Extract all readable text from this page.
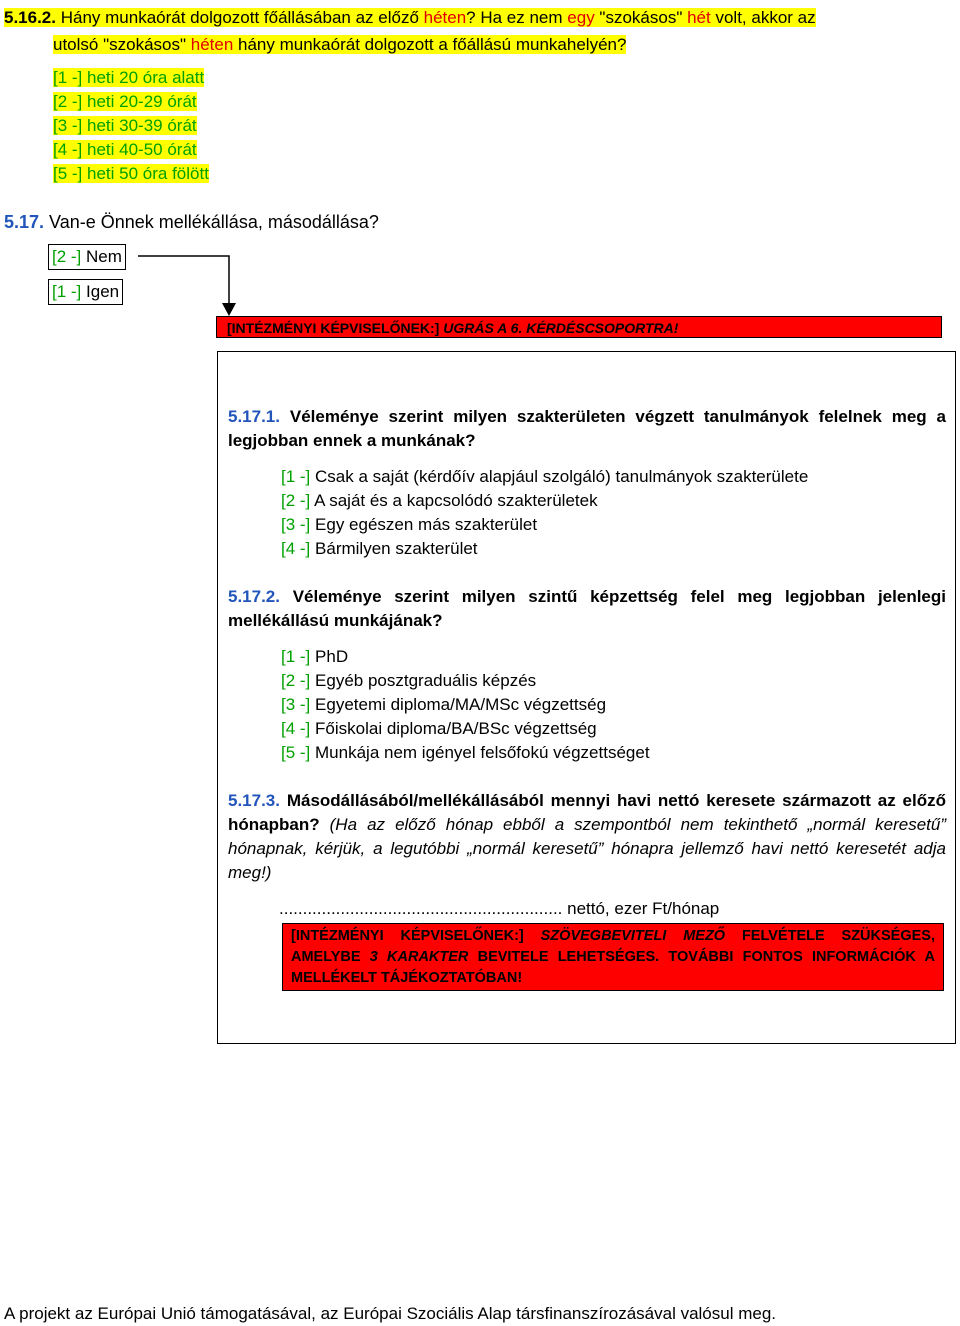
5.16.2. Hány munkaórát dolgozott főállásában az előző héten? Ha ez nem egy "szokásos" hét volt, akkor az
utolsó "szokásos" héten hány munkaórát dolgozott a főállású munkahelyén?
[1 -] heti 20 óra alatt
[2 -] heti 20-29 órát
[3 -] heti 30-39 órát
[4 -] heti 40-50 órát
[5 -] heti 50 óra fölött
5.17. Van-e Önnek mellékállása, másodállása?
[2 -] Nem
[1 -] Igen
[INTÉZMÉNYI KÉPVISELŐNEK:] UGRÁS A 6. KÉRDÉSCSOPORTRA!
5.17.1. Véleménye szerint milyen szakterületen végzett tanulmányok felelnek meg a legjobban ennek a munkának?
[1 -] Csak a saját (kérdőív alapjául szolgáló) tanulmányok szakterülete
[2 -] A saját és a kapcsolódó szakterületek
[3 -] Egy egészen más szakterület
[4 -] Bármilyen szakterület
5.17.2. Véleménye szerint milyen szintű képzettség felel meg legjobban jelenlegi mellékállású munkájának?
[1 -] PhD
[2 -] Egyéb posztgraduális képzés
[3 -] Egyetemi diploma/MA/MSc végzettség
[4 -] Főiskolai diploma/BA/BSc végzettség
[5 -] Munkája nem igényel felsőfokú végzettséget
5.17.3. Másodállásából/mellékállásából mennyi havi nettó keresete származott az előző hónapban? (Ha az előző hónap ebből a szempontból nem tekinthető „normál keresetű” hónapnak, kérjük, a legutóbbi „normál keresetű” hónapra jellemző havi nettó keresetét adja meg!)
............................................................ nettó, ezer Ft/hónap
[INTÉZMÉNYI KÉPVISELŐNEK:] SZÖVEGBEVITELI MEZŐ FELVÉTELE SZÜKSÉGES, AMELYBE 3 KARAKTER BEVITELE LEHETSÉGES. TOVÁBBI FONTOS INFORMÁCIÓK A MELLÉKELT TÁJÉKOZTATÓBAN!
A projekt az Európai Unió támogatásával, az Európai Szociális Alap társfinanszírozásával valósul meg.
